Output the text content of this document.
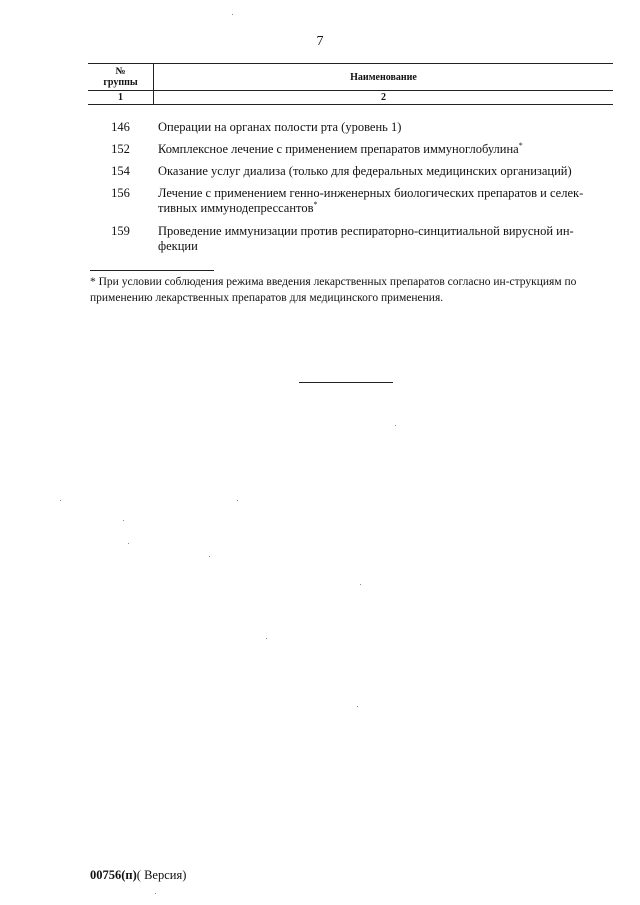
7
№
группы	Наименование
1	2
146	Операции на органах полости рта (уровень 1)
152	Комплексное лечение с применением препаратов иммуноглобулина*
154	Оказание услуг диализа (только для федеральных медицинских организаций)
156	Лечение с применением генно-инженерных биологических препаратов и селек-тивных иммунодепрессантов*
159	Проведение иммунизации против респираторно-синцитиальной вирусной ин-фекции
* При условии соблюдения режима введения лекарственных препаратов согласно ин-струкциям по применению лекарственных препаратов для медицинского применения.
00756(п)( Версия)
